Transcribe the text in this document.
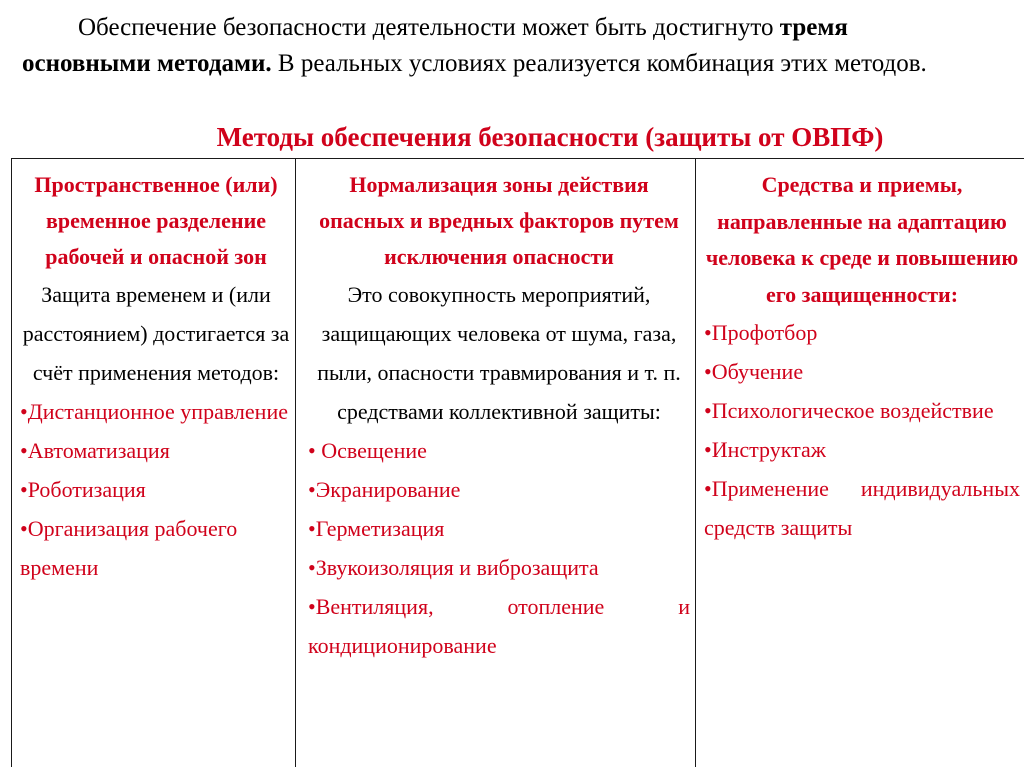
Обеспечение безопасности деятельности может быть достигнуто тремя основными методами. В реальных условиях реализуется комбинация этих методов.

Методы обеспечения безопасности (защиты от ОВПФ)
Пространственное (или) временное разделение рабочей и опасной зон
Защита временем и (или расстоянием) достигается за счёт применения методов:
•Дистанционное управление
•Автоматизация
•Роботизация
•Организация рабочего времени
Нормализация зоны действия опасных и вредных факторов путем исключения опасности
Это совокупность мероприятий, защищающих человека от шума, газа, пыли, опасности травмирования и т. п. средствами коллективной защиты:
• Освещение
•Экранирование
•Герметизация
•Звукоизоляция и виброзащита
•Вентиляция, отопление и кондиционирование
Средства и приемы, направленные на адаптацию человека к среде и повышению его защищенности:
•Профотбор
•Обучение
•Психологическое воздействие
•Инструктаж
•Применение индивидуальных средств защиты
